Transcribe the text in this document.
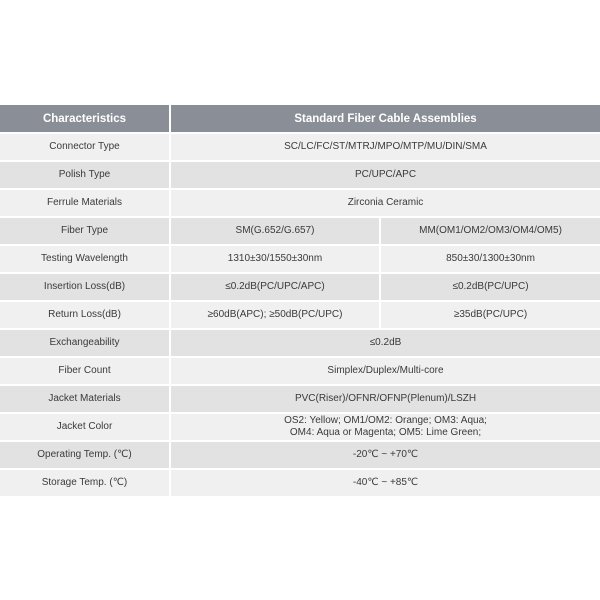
Characteristics	Standard Fiber Cable Assemblies	
Connector Type	SC/LC/FC/ST/MTRJ/MPO/MTP/MU/DIN/SMA	
Polish Type	PC/UPC/APC	
Ferrule Materials	Zirconia Ceramic	
Fiber Type	SM(G.652/G.657)	MM(OM1/OM2/OM3/OM4/OM5)
Testing Wavelength	1310±30/1550±30nm	850±30/1300±30nm
Insertion Loss(dB)	≤0.2dB(PC/UPC/APC)	≤0.2dB(PC/UPC)
Return Loss(dB)	≥60dB(APC); ≥50dB(PC/UPC)	≥35dB(PC/UPC)
Exchangeability	≤0.2dB	
Fiber Count	Simplex/Duplex/Multi-core	
Jacket Materials	PVC(Riser)/OFNR/OFNP(Plenum)/LSZH	
Jacket Color	OS2: Yellow; OM1/OM2: Orange; OM3: Aqua;
OM4: Aqua or Magenta; OM5: Lime Green;	

Operating Temp. (℃)	-20℃ ~ +70℃	
Storage Temp. (℃)	-40℃ ~ +85℃	
